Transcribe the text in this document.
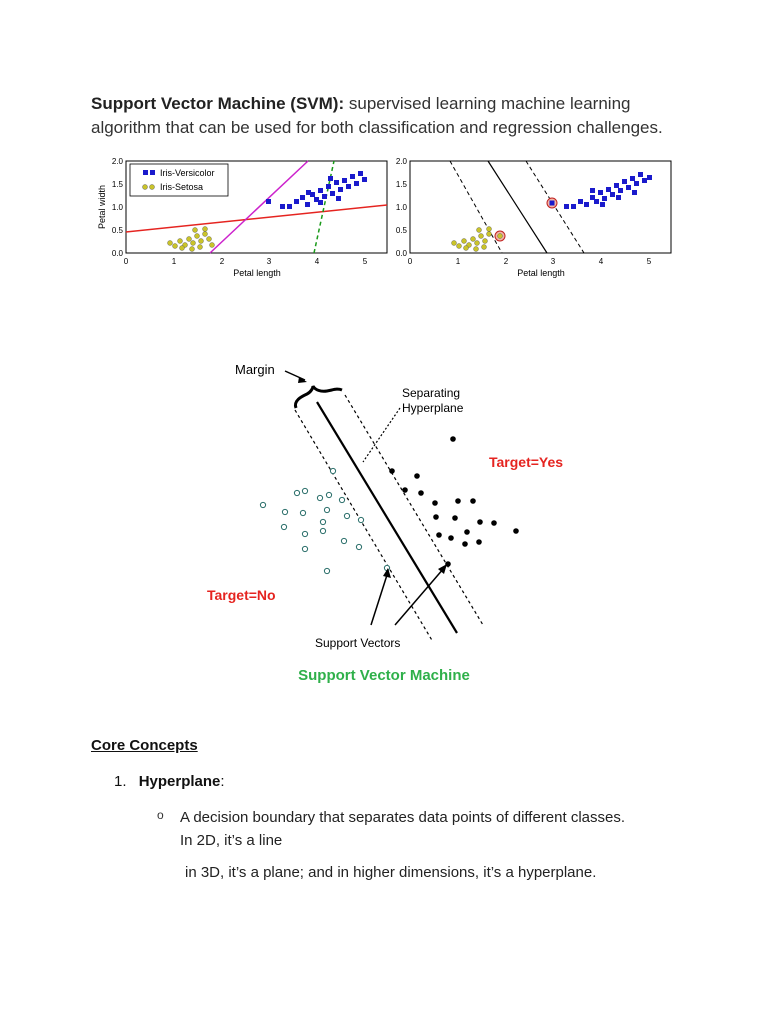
Support Vector Machine (SVM): supervised learning machine learning algorithm that can be used for both classification and regression challenges.
0	1	2	3	4	5
0.0
0.5
1.0
1.5
2.0
Petal length
Petal width
Iris-Versicolor
Iris-Setosa
0	1	2	3	4	5
0.0
0.5
1.0
1.5
2.0
Petal length
Margin
Separating
Hyperplane
Support Vectors
Target=Yes
Target=No
Support Vector Machine
Core Concepts
1. Hyperplane:
o A decision boundary that separates data points of different classes.
In 2D, it’s a line
in 3D, it’s a plane; and in higher dimensions, it’s a hyperplane.
